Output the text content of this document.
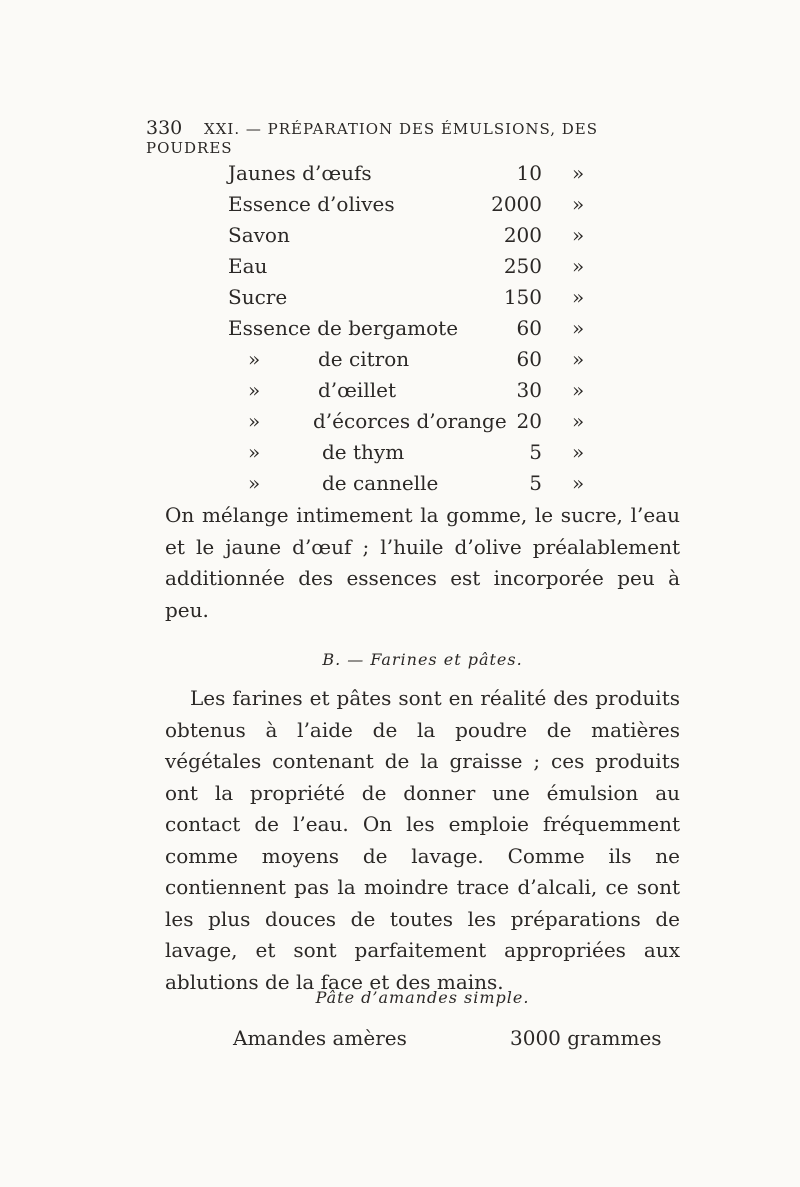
330 XXI. — PRÉPARATION DES ÉMULSIONS, DES POUDRES
Jaunes d’œufs	10 »
Essence d’olives	2000 »
Savon	200 »
Eau	250 »
Sucre	150 »
Essence de bergamote	60 »
»	de citron	60 »
»	d’œillet	30 »
»	d’écorces d’orange 20 »
»	de thym	5 »
»	de cannelle	5 »

On mélange intimement la gomme, le sucre, l’eau et le jaune d’œuf ; l’huile d’olive préalablement additionnée des essences est incorporée peu à peu.

B. — Farines et pâtes.

Les farines et pâtes sont en réalité des produits obtenus à l’aide de la poudre de matières végétales contenant de la graisse ; ces produits ont la propriété de donner une émulsion au contact de l’eau. On les emploie fréquemment comme moyens de lavage. Comme ils ne contiennent pas la moindre trace d’alcali, ce sont les plus douces de toutes les préparations de lavage, et sont parfaitement appropriées aux ablutions de la face et des mains.

Pâte d’amandes simple.
Amandes amères	3000 grammes
